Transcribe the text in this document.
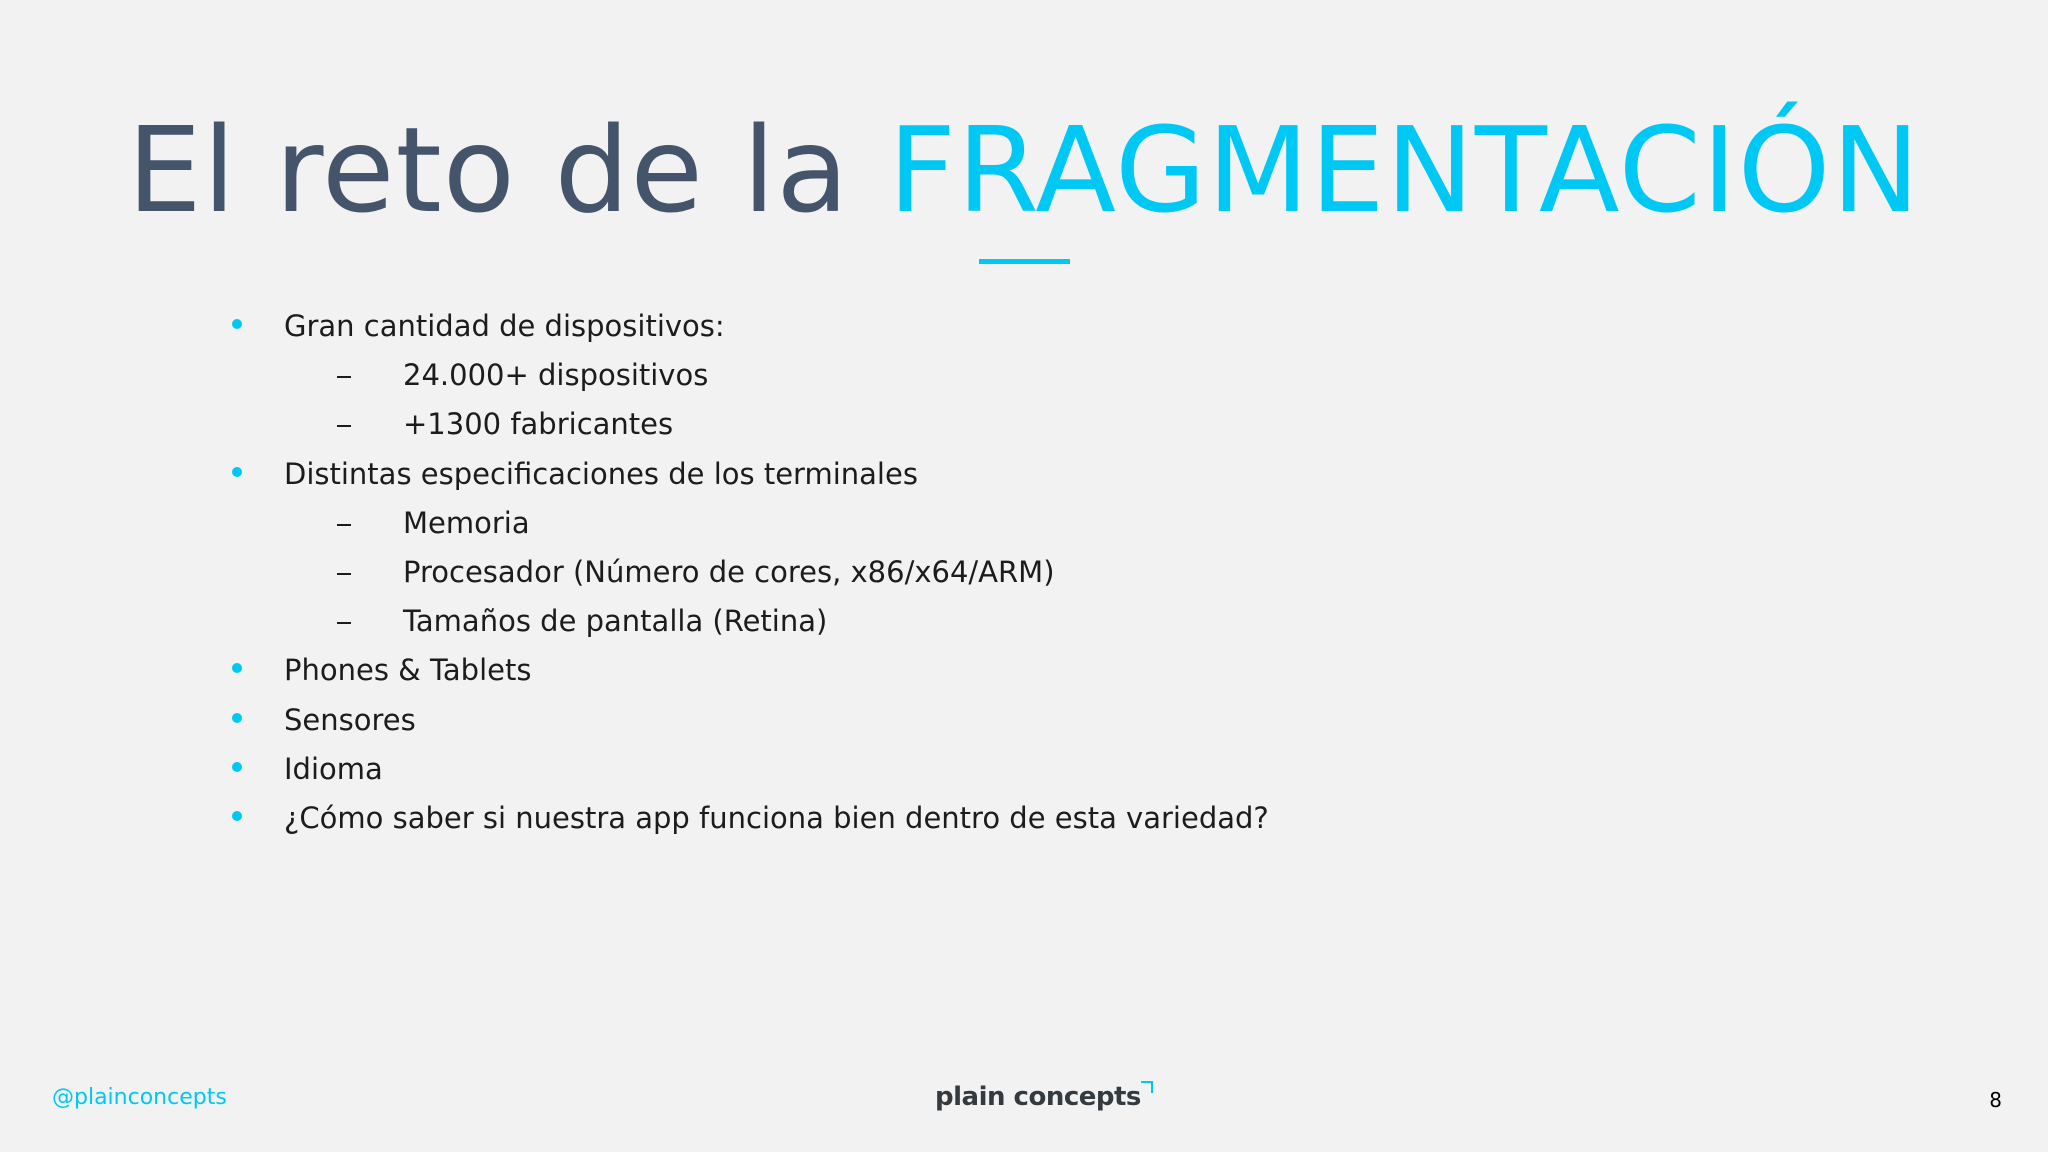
El reto de la FRAGMENTACIÓN
Gran cantidad de dispositivos:
24.000+ dispositivos
+1300 fabricantes
Distintas especificaciones de los terminales
Memoria
Procesador (Número de cores, x86/x64/ARM)
Tamaños de pantalla (Retina)
Phones & Tablets
Sensores
Idioma
¿Cómo saber si nuestra app funciona bien dentro de esta variedad?
@plainconcepts	plain concepts	8
